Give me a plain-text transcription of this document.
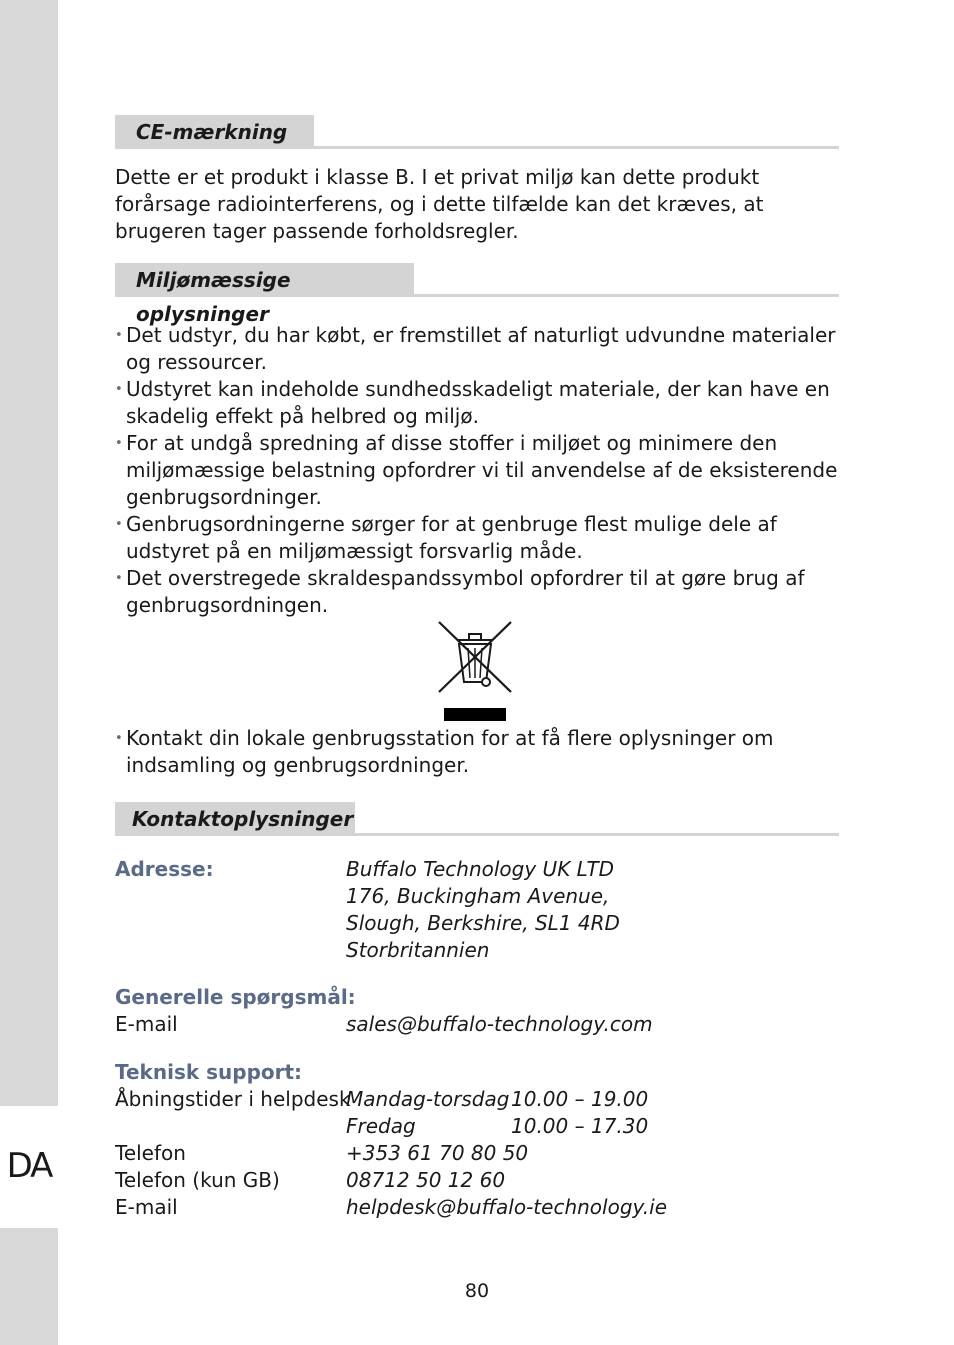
DA
CE-mærkning
Dette er et produkt i klasse B. I et privat miljø kan dette produkt forårsage radiointerferens, og i dette tilfælde kan det kræves, at brugeren tager passende forholdsregler.
Miljømæssige oplysninger
• Det udstyr, du har købt, er fremstillet af naturligt udvundne materialer og ressourcer.
• Udstyret kan indeholde sundhedsskadeligt materiale, der kan have en skadelig effekt på helbred og miljø.
• For at undgå spredning af disse stoffer i miljøet og minimere den miljømæssige belastning opfordrer vi til anvendelse af de eksisterende genbrugsordninger.
• Genbrugsordningerne sørger for at genbruge flest mulige dele af udstyret på en miljømæssigt forsvarlig måde.
• Det overstregede skraldespandssymbol opfordrer til at gøre brug af genbrugsordningen.
• Kontakt din lokale genbrugsstation for at få flere oplysninger om indsamling og genbrugsordninger.
Kontaktoplysninger
Adresse:	Buffalo Technology UK LTD
176, Buckingham Avenue,
Slough, Berkshire, SL1 4RD
Storbritannien
Generelle spørgsmål:
E-mail	sales@buffalo-technology.com
Teknisk support:
Åbningstider i helpdesk
Mandag-torsdag 10.00 – 19.00
Fredag	10.00 – 17.30
Telefon	+353 61 70 80 50
Telefon (kun GB)	08712 50 12 60
E-mail	helpdesk@buffalo-technology.ie
80
